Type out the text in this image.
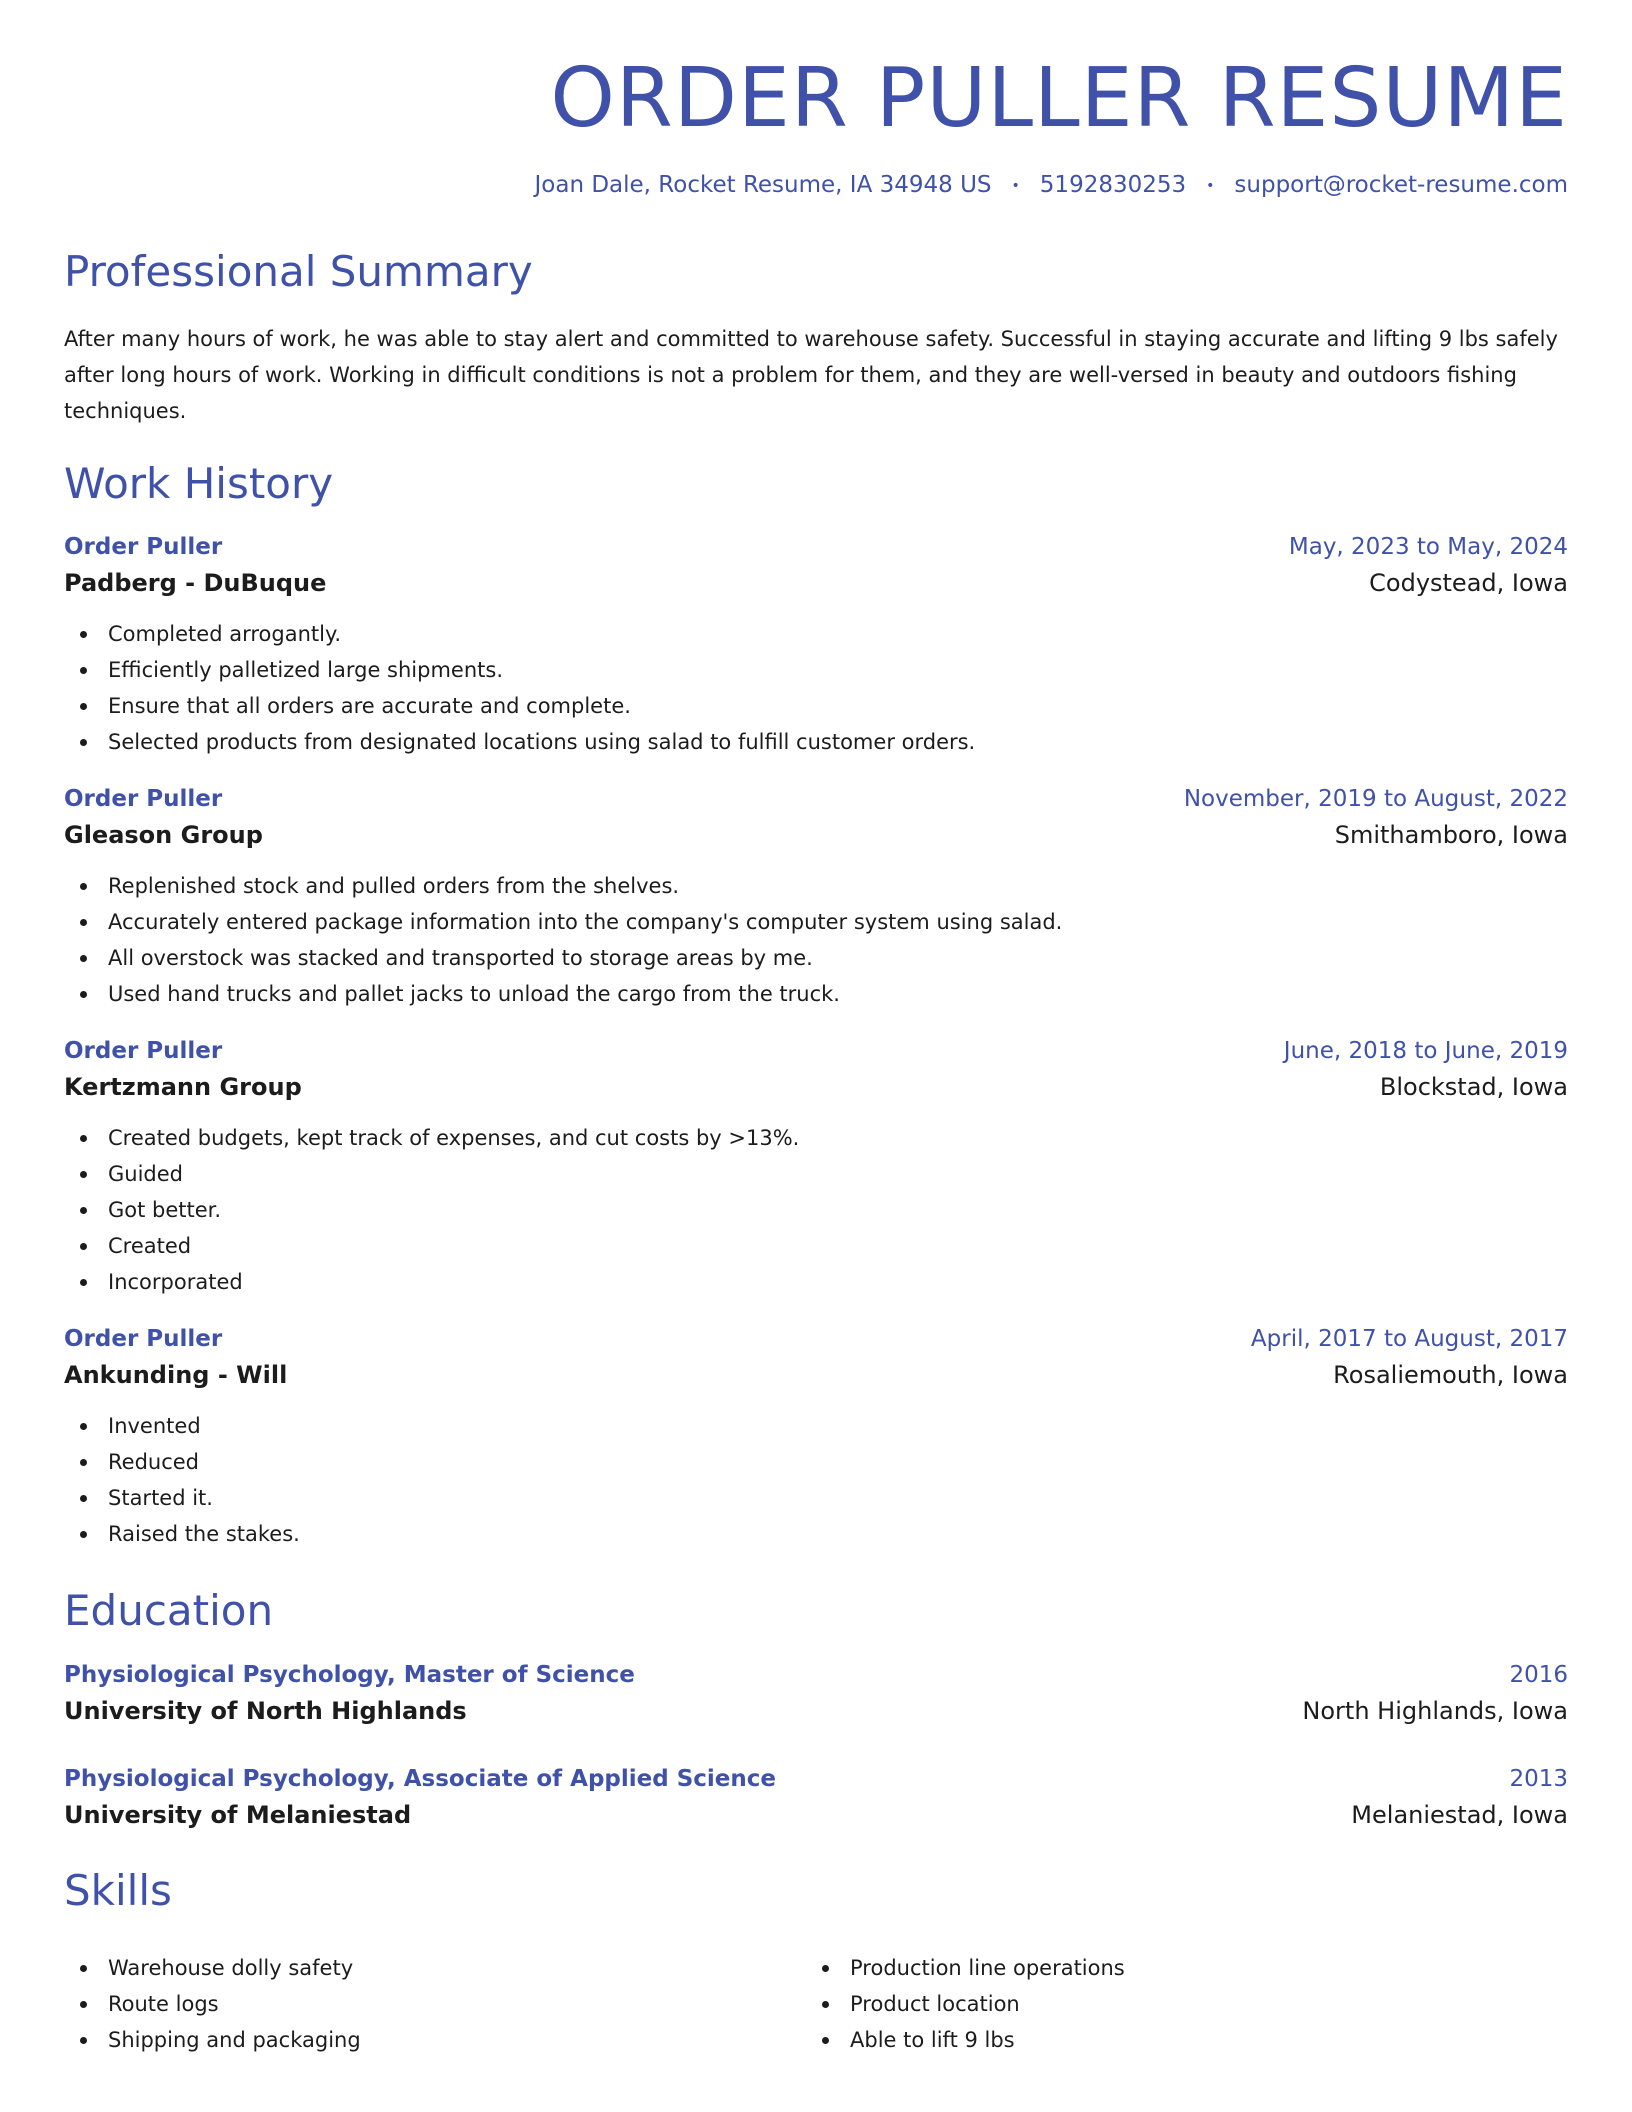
ORDER PULLER RESUME
Joan Dale, Rocket Resume, IA 34948 US • 5192830253 • support@rocket-resume.com
Professional Summary

After many hours of work, he was able to stay alert and committed to warehouse safety. Successful in staying accurate and lifting 9 lbs safely after long hours of work. Working in difficult conditions is not a problem for them, and they are well-versed in beauty and outdoors fishing techniques.

Work History
Order Puller	May, 2023 to May, 2024
Padberg - DuBuque	Codystead, Iowa
Completed arrogantly.
Efficiently palletized large shipments.
Ensure that all orders are accurate and complete.
Selected products from designated locations using salad to fulfill customer orders.
Order Puller	November, 2019 to August, 2022
Gleason Group	Smithamboro, Iowa
Replenished stock and pulled orders from the shelves.
Accurately entered package information into the company's computer system using salad.
All overstock was stacked and transported to storage areas by me.
Used hand trucks and pallet jacks to unload the cargo from the truck.
Order Puller	June, 2018 to June, 2019
Kertzmann Group	Blockstad, Iowa
Created budgets, kept track of expenses, and cut costs by >13%.
Guided
Got better.
Created
Incorporated
Order Puller	April, 2017 to August, 2017
Ankunding - Will	Rosaliemouth, Iowa
Invented
Reduced
Started it.
Raised the stakes.
Education
Physiological Psychology, Master of Science	2016
University of North Highlands	North Highlands, Iowa
Physiological Psychology, Associate of Applied Science	2013
University of Melaniestad	Melaniestad, Iowa
Skills
Warehouse dolly safety
Route logs
Shipping and packaging
Production line operations
Product location
Able to lift 9 lbs
